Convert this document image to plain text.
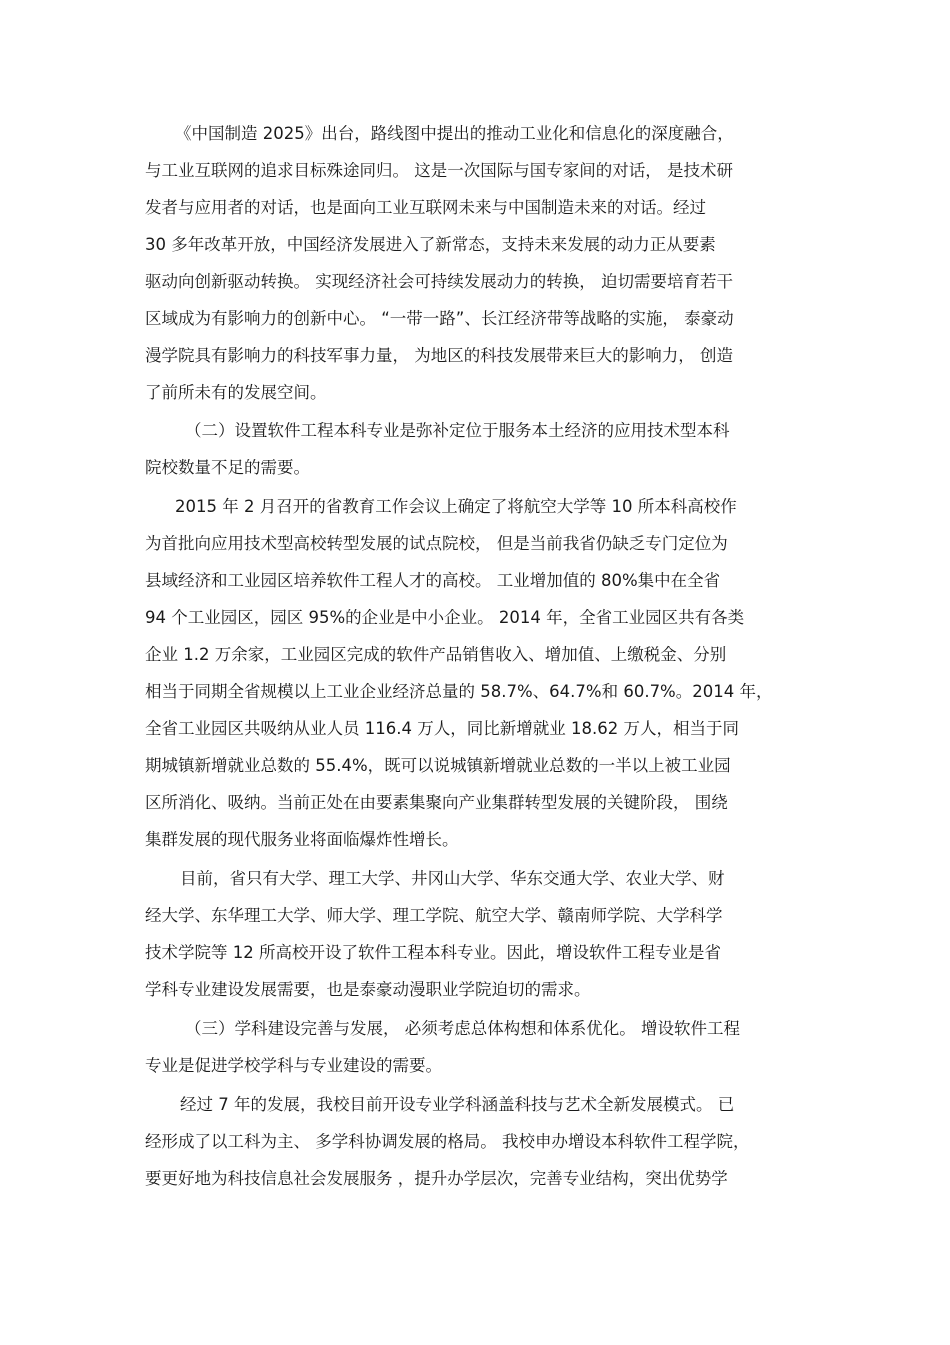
《中国制造 2025》出台，路线图中提出的推动工业化和信息化的深度融合，
与工业互联网的追求目标殊途同归。 这是一次国际与国专家间的对话， 是技术研
发者与应用者的对话，也是面向工业互联网未来与中国制造未来的对话。经过
30 多年改革开放，中国经济发展进入了新常态，支持未来发展的动力正从要素
驱动向创新驱动转换。 实现经济社会可持续发展动力的转换， 迫切需要培育若干
区域成为有影响力的创新中心。 “一带一路”、长江经济带等战略的实施， 泰豪动
漫学院具有影响力的科技军事力量， 为地区的科技发展带来巨大的影响力， 创造
了前所未有的发展空间。
（二）设置软件工程本科专业是弥补定位于服务本土经济的应用技术型本科
院校数量不足的需要。
2015 年 2 月召开的省教育工作会议上确定了将航空大学等 10 所本科高校作
为首批向应用技术型高校转型发展的试点院校， 但是当前我省仍缺乏专门定位为
县域经济和工业园区培养软件工程人才的高校。 工业增加值的 80%集中在全省
94 个工业园区，园区 95%的企业是中小企业。 2014 年，全省工业园区共有各类
企业 1.2 万余家，工业园区完成的软件产品销售收入、增加值、上缴税金、分别
相当于同期全省规模以上工业企业经济总量的 58.7%、64.7%和 60.7%。2014 年，
全省工业园区共吸纳从业人员 116.4 万人，同比新增就业 18.62 万人，相当于同
期城镇新增就业总数的 55.4%，既可以说城镇新增就业总数的一半以上被工业园
区所消化、吸纳。当前正处在由要素集聚向产业集群转型发展的关键阶段， 围绕
集群发展的现代服务业将面临爆炸性增长。
目前，省只有大学、理工大学、井冈山大学、华东交通大学、农业大学、财
经大学、东华理工大学、师大学、理工学院、航空大学、赣南师学院、大学科学
技术学院等 12 所高校开设了软件工程本科专业。因此，增设软件工程专业是省
学科专业建设发展需要，也是泰豪动漫职业学院迫切的需求。
（三）学科建设完善与发展， 必须考虑总体构想和体系优化。 增设软件工程
专业是促进学校学科与专业建设的需要。
经过 7 年的发展，我校目前开设专业学科涵盖科技与艺术全新发展模式。 已
经形成了以工科为主、 多学科协调发展的格局。 我校申办增设本科软件工程学院，
要更好地为科技信息社会发展服务 ，提升办学层次，完善专业结构，突出优势学
